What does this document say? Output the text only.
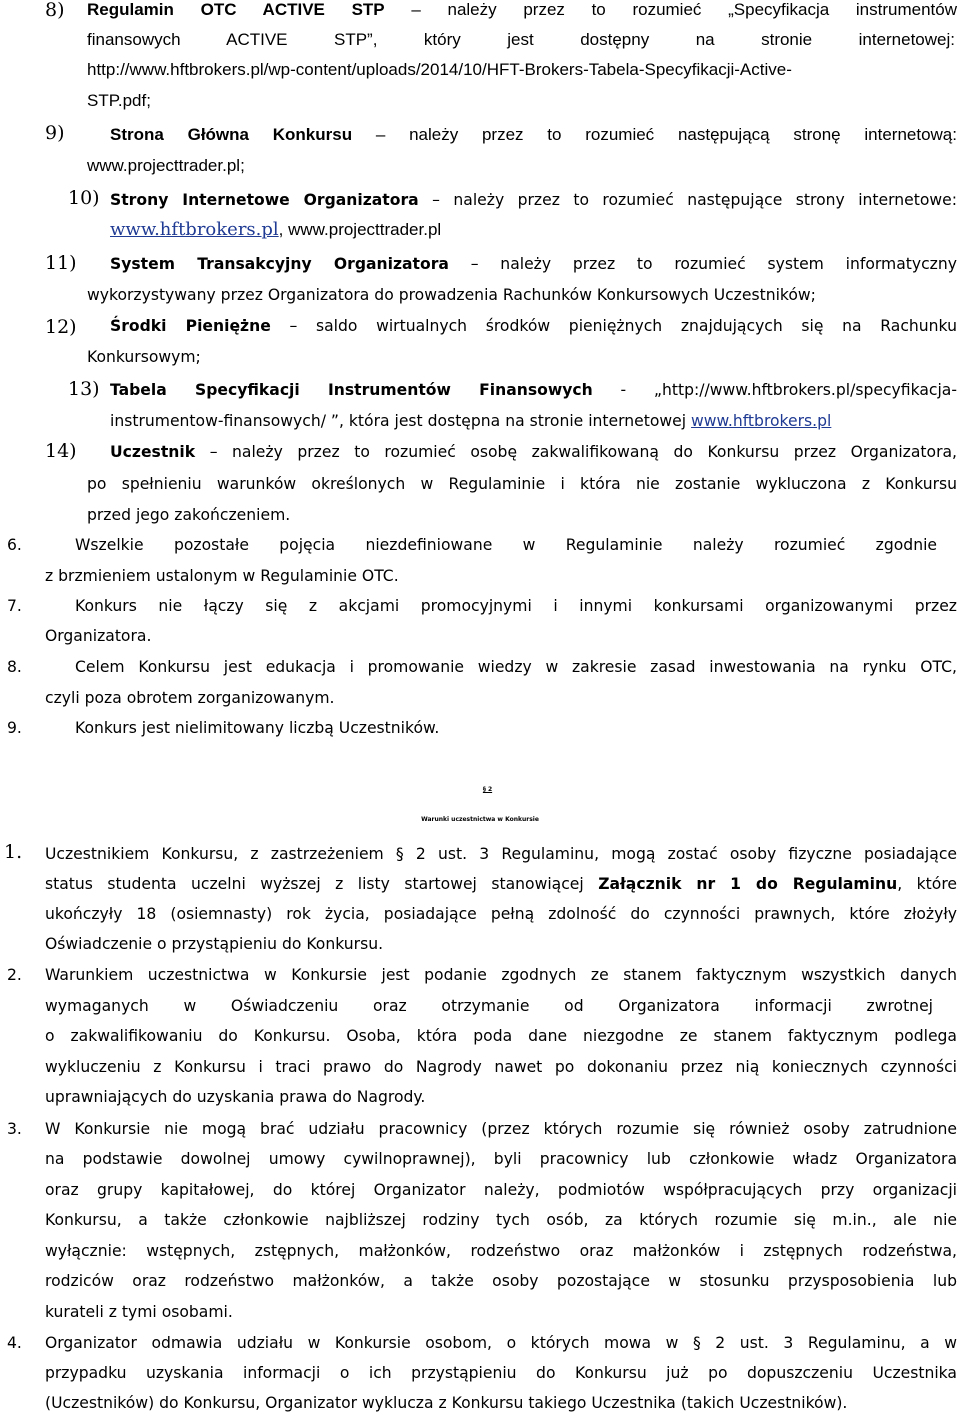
8) Regulamin OTC ACTIVE STP – należy przez to rozumieć „Specyfikacja instrumentów
finansowych ACTIVE STP”, który jest dostępny na stronie internetowej:
http://www.hftbrokers.pl/wp-content/uploads/2014/10/HFT-Brokers-Tabela-Specyfikacji-Active-
STP.pdf;
9)	Strona Główna Konkursu – należy przez to rozumieć następującą stronę internetową:
www.projecttrader.pl;
10) Strony Internetowe Organizatora – należy przez to rozumieć następujące strony internetowe:
www.hftbrokers.pl, www.projecttrader.pl
11) System Transakcyjny Organizatora – należy przez to rozumieć system informatyczny
wykorzystywany przez Organizatora do prowadzenia Rachunków Konkursowych Uczestników;
12) Środki Pieniężne – saldo wirtualnych środków pieniężnych znajdujących się na Rachunku
Konkursowym;
13) Tabela Specyfikacji Instrumentów Finansowych - „http://www.hftbrokers.pl/specyfikacja-
instrumentow-finansowych/ ”, która jest dostępna na stronie internetowej www.hftbrokers.pl
14) Uczestnik – należy przez to rozumieć osobę zakwalifikowaną do Konkursu przez Organizatora,
po spełnieniu warunków określonych w Regulaminie i która nie zostanie wykluczona z Konkursu
przed jego zakończeniem.
6.	Wszelkie pozostałe pojęcia niezdefiniowane w Regulaminie należy rozumieć zgodnie
z brzmieniem ustalonym w Regulaminie OTC.
7.	Konkurs nie łączy się z akcjami promocyjnymi i innymi konkursami organizowanymi przez
Organizatora.
8.	Celem Konkursu jest edukacja i promowanie wiedzy w zakresie zasad inwestowania na rynku OTC,
czyli poza obrotem zorganizowanym.
9.	Konkurs jest nielimitowany liczbą Uczestników.
§ 2
Warunki uczestnictwa w Konkursie
1. Uczestnikiem Konkursu, z zastrzeżeniem § 2 ust. 3 Regulaminu, mogą zostać osoby fizyczne posiadające
status studenta uczelni wyższej z listy startowej stanowiącej Załącznik nr 1 do Regulaminu, które
ukończyły 18 (osiemnasty) rok życia, posiadające pełną zdolność do czynności prawnych, które złożyły
Oświadczenie o przystąpieniu do Konkursu.
2. Warunkiem uczestnictwa w Konkursie jest podanie zgodnych ze stanem faktycznym wszystkich danych
wymaganych w Oświadczeniu oraz otrzymanie od Organizatora informacji zwrotnej
o zakwalifikowaniu do Konkursu. Osoba, która poda dane niezgodne ze stanem faktycznym podlega
wykluczeniu z Konkursu i traci prawo do Nagrody nawet po dokonaniu przez nią koniecznych czynności
uprawniających do uzyskania prawa do Nagrody.
3. W Konkursie nie mogą brać udziału pracownicy (przez których rozumie się również osoby zatrudnione
na podstawie dowolnej umowy cywilnoprawnej), byli pracownicy lub członkowie władz Organizatora
oraz grupy kapitałowej, do której Organizator należy, podmiotów współpracujących przy organizacji
Konkursu, a także członkowie najbliższej rodziny tych osób, za których rozumie się m.in., ale nie
wyłącznie: wstępnych, zstępnych, małżonków, rodzeństwo oraz małżonków i zstępnych rodzeństwa,
rodziców oraz rodzeństwo małżonków, a także osoby pozostające w stosunku przysposobienia lub
kurateli z tymi osobami.
4. Organizator odmawia udziału w Konkursie osobom, o których mowa w § 2 ust. 3 Regulaminu, a w
przypadku uzyskania informacji o ich przystąpieniu do Konkursu już po dopuszczeniu Uczestnika
(Uczestników) do Konkursu, Organizator wyklucza z Konkursu takiego Uczestnika (takich Uczestników).
